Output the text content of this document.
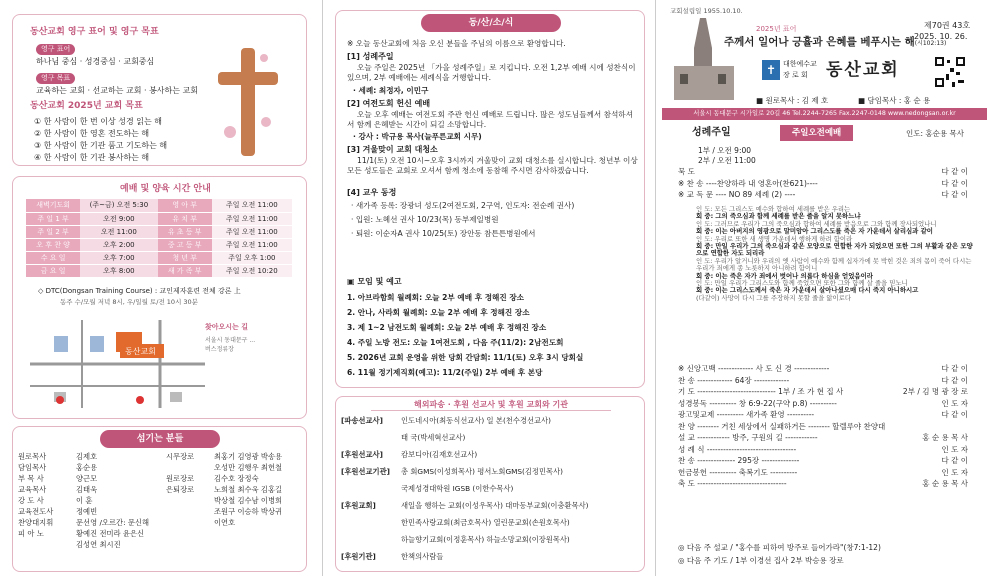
동산교회 영구 표어 및 영구 목표
영구 표어
하나님 중심 · 성경중심 · 교회중심
영구 목표
교육하는 교회 · 선교하는 교회 · 봉사하는 교회
동산교회 2025년 교회 목표
① 한 사람이 한 번 이상 성경 읽는 해
② 한 사람이 한 영혼 전도하는 해
③ 한 사람이 한 기관 품고 기도하는 해
④ 한 사람이 한 기관 봉사하는 해
예배 및 양육 시간 안내
새벽기도회	(주~금) 오전 5:30	영 아 부	주일 오전 11:00
주 일 1 부	오전 9:00	유 치 부	주일 오전 11:00
주 일 2 부	오전 11:00	유 초 등 부	주일 오전 11:00
오 후 찬 양	오후 2:00	중 고 등 부	주일 오전 11:00
수 요 일	오후 7:00	청 년 부	주일 오후 1:00
금 요 일	오후 8:00	새 가 족 부	주일 오전 10:20
◇ DTC(Dongsan Training Course) : 교인제자훈련 전체 강론 上
동주 수/모월 저녁 8시, 우/일월 토/전 10시 30분
동산교회
찾아오시는 길
서울시 동대문구 ...
버스정류장
섬기는 분들
원로목사	김제호
담임목사	홍순용
부 목 사	양근모
교육목사	김태욱
강 도 사	이 훈
교육전도사	정예빈
찬양대지휘	문선영 /오르간: 문신해
피 아 노	황예진 전미라 윤은신
	김성연 최시진
시무장로	최홍기 김영광 박송용
	오성만 김행우 최헌철
원로장로	김수호 장정숙
은퇴장로	노희철 최수욱 김홍길
	박상철 김수남 이병희
	조원구 이승하 박상귀
	이연호
동/산/소/식
※ 오늘 동산교회에 처음 오신 분들을 주님의 이름으로 환영합니다.
[1] 성례주일
오늘 주일은 2025년 「가을 성례주일」로 지킵니다. 오전 1,2부 예배 시에 성찬식이 있으며, 2부 예배에는 세례식을 거행합니다.
· 세례: 최정자, 이민구
[2] 여전도회 헌신 예배
오늘 오후 예배는 여전도회 주관 헌신 예배로 드립니다. 많은 성도님들께서 참석하셔서 함께 은혜받는 시간이 되길 소망합니다.
· 강사 : 박규용 목사(늘푸른교회 시무)
[3] 겨울맞이 교회 대청소
11/1(토) 오전 10시~오후 3시까지 겨울맞이 교회 대청소를 실시합니다. 청년부 이상 모든 성도들은 교회로 오셔서 함께 청소에 동참해 주시면 감사하겠습니다.
[4] 교우 동정
· 새가족 등록: 장광녀 성도(2여전도회, 2구역, 인도자: 전순례 권사)
· 입원: 노혜선 권사 10/23(목) 동부제일병원
· 퇴원: 이순자A 권사 10/25(토) 장안동 참튼튼병원에서
▣ 모임 및 예고
1. 아브라함회 월례회: 오늘 2부 예배 후 정해진 장소
2. 안나, 사라회 월례회: 오늘 2부 예배 후 정해진 장소
3. 제 1~2 남전도회 월례회: 오늘 2부 예배 후 정해진 장소
4. 주일 노방 전도: 오늘 1여전도회 , 다음 주(11/2): 2남전도회
5. 2026년 교회 운영을 위한 당회 간담회: 11/1(토) 오후 3시 당회실
6. 11월 정기제직회(예고): 11/2(주일) 2부 예배 후 본당
해외파송 · 후원 선교사 및 후원 교회와 기관
[파송선교사]	인도네시아(최동식선교사) 일 본(천수경선교사)
	태 국(박세혁선교사)
[후원선교사]	캄보디아(김재호선교사)
[후원선교기관]	총 회GMS(이성희목사) 평서노회GMS(김정민목사)
	국제성경대학원 IGSB (이한수목사)
[후원교회]	새일을 행하는 교회(이성우목사) 대마동부교회(이충환목사)
	한민족사랑교회(최금호목사) 열린문교회(손원호목사)
	하늘향기교회(이정훈목사) 하늘소망교회(이장원목사)
[후원기관]	한책의사람들
교회설립일 1955.10.10.
제70권 43호
2025. 10. 26.
2025년 표어
주께서 일어나 긍휼과 은혜를 베푸시는 해(시102:13)
✝ 대한예수교
장 로 회 동산교회
■ 원로목사 : 김 제 호	■ 담임목사 : 홍 순 용
서울시 동대문구 시가일로 20길 46 Tel.2244-7265 Fax.2247-0148 www.nedongsan.or.kr
성례주일	주일오전예배	인도: 홍순용 목사
1부 / 오전 9:00
2부 / 오전 11:00
묵 도	다 같 이
※ 찬 송 ----찬양하라 내 영혼아(찬621)----	다 같 이
※ 교 독 문 ---- NO 89 세례 (2) ----	다 같 이
인 도: 모든 그리스도 예수와 합하여 세례를 받은 우리는
회 중: 그의 죽으심과 함께 세례를 받은 줄을 알지 못하느냐
인 도: 그러므로 우리가 그의 죽으심과 합하여 세례를 받음으로 그와 함께 장사되었나니
회 중: 이는 아버지의 영광으로 말미암아 그리스도를 죽은 자 가운데서 살리심과 같이
인 도: 우리로 또한 새 생명 가운데서 행하게 하려 함이라
회 중: 만일 우리가 그의 죽으심과 같은 모양으로 연합한 자가 되었으면 또한 그의 부활과 같은 모양으로 연합한 자도 되리라
인 도: 우리가 알거니와 우리의 옛 사람이 예수와 함께 십자가에 못 박힌 것은 죄의 몸이 죽어 다시는 우리가 죄에게 종 노릇하지 아니하려 함이니
회 중: 이는 죽은 자가 죄에서 벗어나 의롭다 하심을 얻었음이라
인 도: 만일 우리가 그리스도와 함께 죽었으면 또한 그와 함께 살 줄을 믿노니
회 중: 이는 그리스도께서 죽은 자 가운데서 살아나셨으매 다시 죽지 아니하시고
(다같이) 사망이 다시 그를 주장하지 못할 줄을 앎이로다
※ 신앙고백 ------------- 사 도 신 경 -------------	다 같 이
찬 송 ------------- 64장 -------------	다 같 이
기 도 ----------------------------- 1부 / 조 가 현 집 사	2부 / 김 명 광 장 로
성경봉독 ---------- 창 6:9-22(구약 p.8) ----------	인 도 자
광고및교제 ---------- 새가족 환영 ----------	다 같 이
찬 양 -------- 거친 세상에서 실패하거든 -------- 할렐루야 찬양대	
설 교 ------------ 방주, 구원의 길 ------------	홍 순 용 목 사
성 례 식 ---------------------------------	인 도 자
찬 송 -------------- 295장 --------------	다 같 이
헌금봉헌 ---------- 축복기도 ----------	인 도 자
축 도 ---------------------------------	홍 순 용 목 사
◎ 다음 주 설교 / "홍수를 피하여 방주로 들어가라"(창7:1-12)
◎ 다음 주 기도 / 1부 이경선 집사 2부 박승용 장로
